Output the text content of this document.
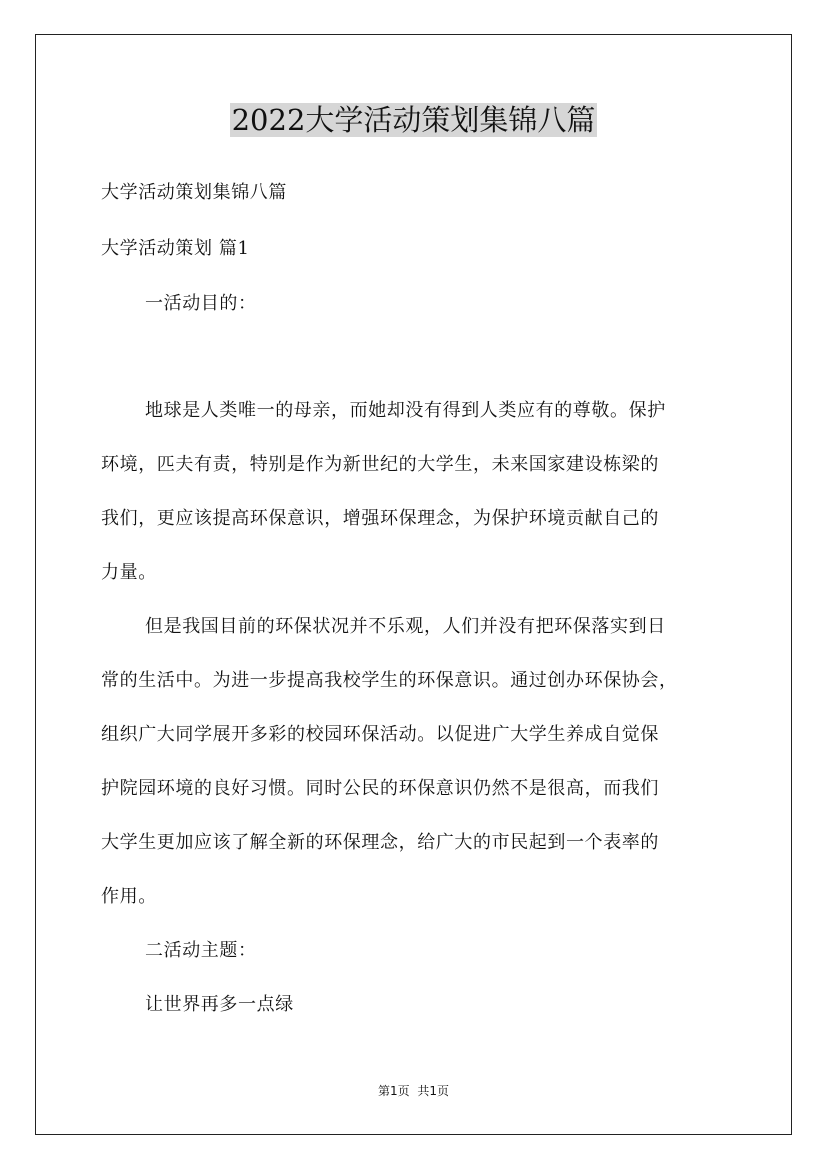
2022大学活动策划集锦八篇
大学活动策划集锦八篇
大学活动策划 篇1
一活动目的：
地球是人类唯一的母亲，而她却没有得到人类应有的尊敬。保护
环境，匹夫有责，特别是作为新世纪的大学生，未来国家建设栋梁的
我们，更应该提高环保意识，增强环保理念，为保护环境贡献自己的
力量。
但是我国目前的环保状况并不乐观，人们并没有把环保落实到日
常的生活中。为进一步提高我校学生的环保意识。通过创办环保协会，
组织广大同学展开多彩的校园环保活动。以促进广大学生养成自觉保
护院园环境的良好习惯。同时公民的环保意识仍然不是很高，而我们
大学生更加应该了解全新的环保理念，给广大的市民起到一个表率的
作用。
二活动主题：
让世界再多一点绿
第1页 共1页
